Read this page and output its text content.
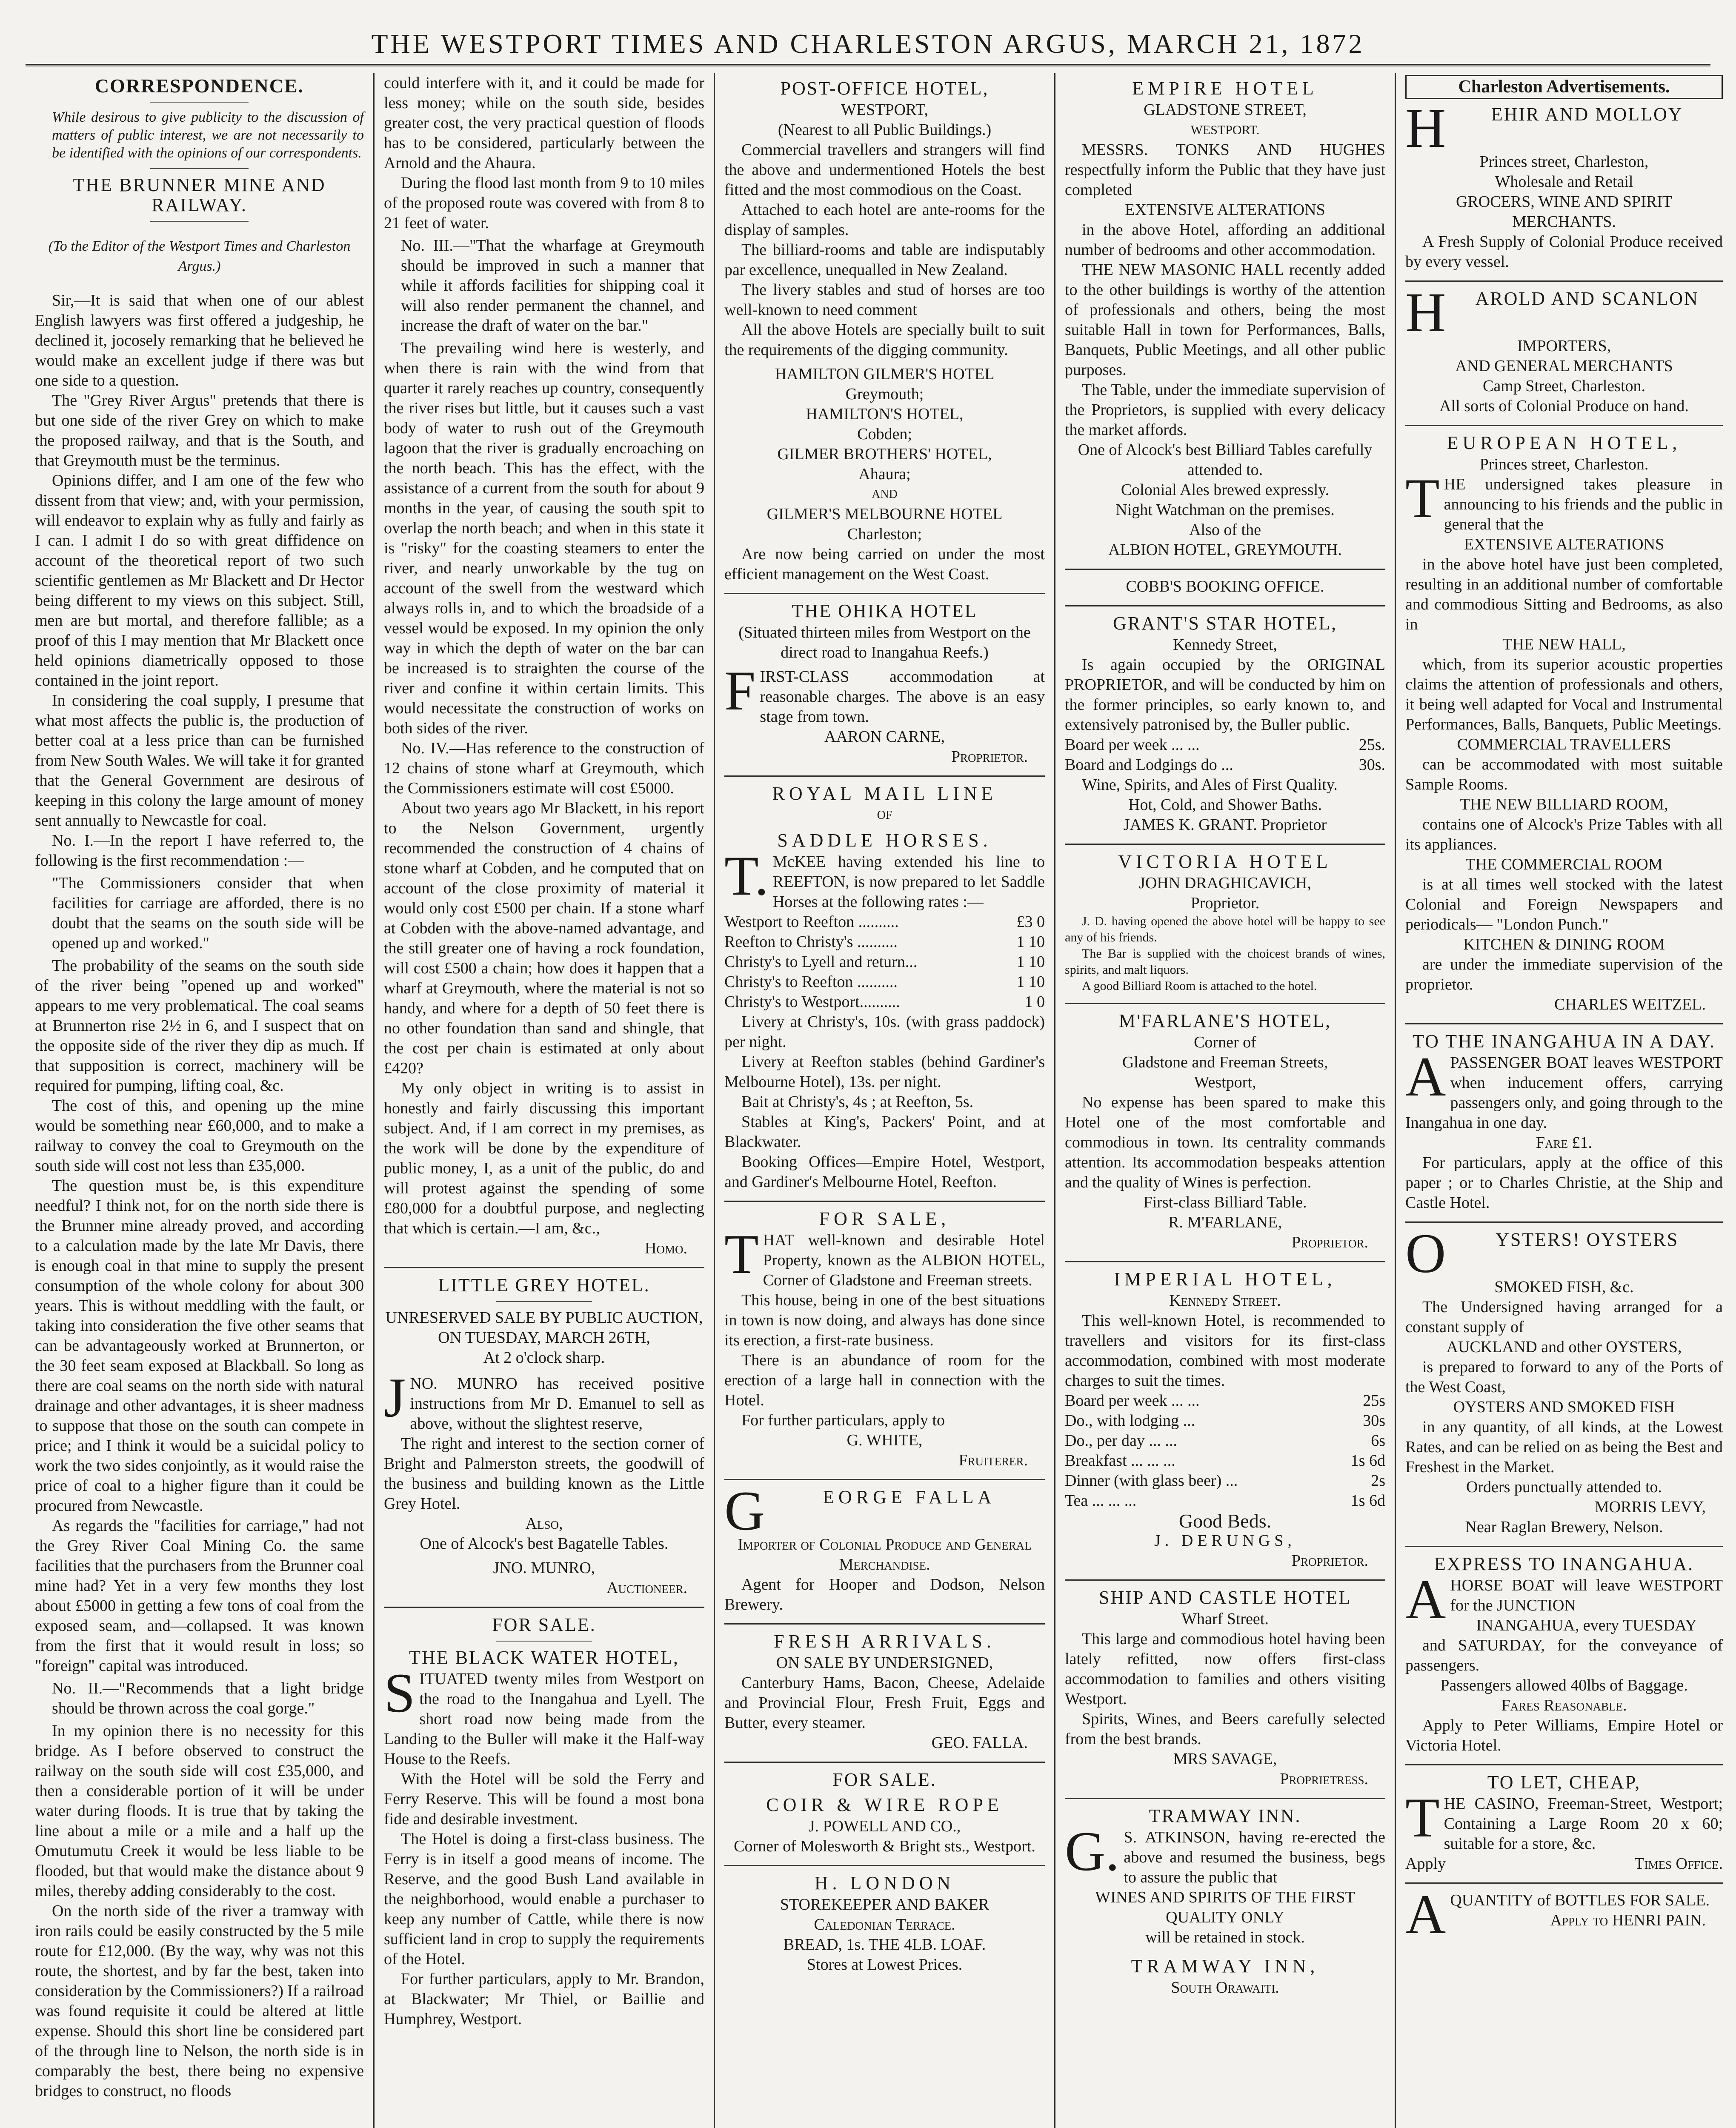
THE WESTPORT TIMES AND CHARLESTON ARGUS, MARCH 21, 1872
CORRESPONDENCE.

While desirous to give publicity to the discussion of matters of public interest, we are not necessarily to be identified with the opinions of our correspondents.

THE BRUNNER MINE AND RAILWAY.

(To the Editor of the Westport Times and Charleston Argus.)

Sir,—It is said that when one of our ablest English lawyers was first offered a judgeship, he declined it, jocosely remarking that he believed he would make an excellent judge if there was but one side to a question.

The "Grey River Argus" pretends that there is but one side of the river Grey on which to make the proposed railway, and that is the South, and that Greymouth must be the terminus.

Opinions differ, and I am one of the few who dissent from that view; and, with your permission, will endeavor to explain why as fully and fairly as I can. I admit I do so with great diffidence on account of the theoretical report of two such scientific gentlemen as Mr Blackett and Dr Hector being different to my views on this subject. Still, men are but mortal, and therefore fallible; as a proof of this I may mention that Mr Blackett once held opinions diametrically opposed to those contained in the joint report.

In considering the coal supply, I presume that what most affects the public is, the production of better coal at a less price than can be furnished from New South Wales. We will take it for granted that the General Government are desirous of keeping in this colony the large amount of money sent annually to Newcastle for coal.

No. I.—In the report I have referred to, the following is the first recommendation :—

"The Commissioners consider that when facilities for carriage are afforded, there is no doubt that the seams on the south side will be opened up and worked."

The probability of the seams on the south side of the river being "opened up and worked" appears to me very problematical. The coal seams at Brunnerton rise 2½ in 6, and I suspect that on the opposite side of the river they dip as much. If that supposition is correct, machinery will be required for pumping, lifting coal, &c.

The cost of this, and opening up the mine would be something near £60,000, and to make a railway to convey the coal to Greymouth on the south side will cost not less than £35,000.

The question must be, is this expenditure needful? I think not, for on the north side there is the Brunner mine already proved, and according to a calculation made by the late Mr Davis, there is enough coal in that mine to supply the present consumption of the whole colony for about 300 years. This is without meddling with the fault, or taking into consideration the five other seams that can be advantageously worked at Brunnerton, or the 30 feet seam exposed at Blackball. So long as there are coal seams on the north side with natural drainage and other advantages, it is sheer madness to suppose that those on the south can compete in price; and I think it would be a suicidal policy to work the two sides conjointly, as it would raise the price of coal to a higher figure than it could be procured from Newcastle.

As regards the "facilities for carriage," had not the Grey River Coal Mining Co. the same facilities that the purchasers from the Brunner coal mine had? Yet in a very few months they lost about £5000 in getting a few tons of coal from the exposed seam, and—collapsed. It was known from the first that it would result in loss; so "foreign" capital was introduced.

No. II.—"Recommends that a light bridge should be thrown across the coal gorge."

In my opinion there is no necessity for this bridge. As I before observed to construct the railway on the south side will cost £35,000, and then a considerable portion of it will be under water during floods. It is true that by taking the line about a mile or a mile and a half up the Omutumutu Creek it would be less liable to be flooded, but that would make the distance about 9 miles, thereby adding considerably to the cost.

On the north side of the river a tramway with iron rails could be easily constructed by the 5 mile route for £12,000. (By the way, why was not this route, the shortest, and by far the best, taken into consideration by the Commissioners?) If a railroad was found requisite it could be altered at little expense. Should this short line be considered part of the through line to Nelson, the north side is in comparably the best, there being no expensive bridges to construct, no floods

could interfere with it, and it could be made for less money; while on the south side, besides greater cost, the very practical question of floods has to be considered, particularly between the Arnold and the Ahaura.

During the flood last month from 9 to 10 miles of the proposed route was covered with from 8 to 21 feet of water.

No. III.—"That the wharfage at Greymouth should be improved in such a manner that while it affords facilities for shipping coal it will also render permanent the channel, and increase the draft of water on the bar."

The prevailing wind here is westerly, and when there is rain with the wind from that quarter it rarely reaches up country, consequently the river rises but little, but it causes such a vast body of water to rush out of the Greymouth lagoon that the river is gradually encroaching on the north beach. This has the effect, with the assistance of a current from the south for about 9 months in the year, of causing the south spit to overlap the north beach; and when in this state it is "risky" for the coasting steamers to enter the river, and nearly unworkable by the tug on account of the swell from the westward which always rolls in, and to which the broadside of a vessel would be exposed. In my opinion the only way in which the depth of water on the bar can be increased is to straighten the course of the river and confine it within certain limits. This would necessitate the construction of works on both sides of the river.

No. IV.—Has reference to the construction of 12 chains of stone wharf at Greymouth, which the Commissioners estimate will cost £5000.

About two years ago Mr Blackett, in his report to the Nelson Government, urgently recommended the construction of 4 chains of stone wharf at Cobden, and he computed that on account of the close proximity of material it would only cost £500 per chain. If a stone wharf at Cobden with the above-named advantage, and the still greater one of having a rock foundation, will cost £500 a chain; how does it happen that a wharf at Greymouth, where the material is not so handy, and where for a depth of 50 feet there is no other foundation than sand and shingle, that the cost per chain is estimated at only about £420?

My only object in writing is to assist in honestly and fairly discussing this important subject. And, if I am correct in my premises, as the work will be done by the expenditure of public money, I, as a unit of the public, do and will protest against the spending of some £80,000 for a doubtful purpose, and neglecting that which is certain.—I am, &c.,

Homo.
LITTLE GREY HOTEL.
UNRESERVED SALE BY PUBLIC AUCTION,
ON TUESDAY, MARCH 26TH,
At 2 o'clock sharp.

JNO. MUNRO has received positive instructions from Mr D. Emanuel to sell as above, without the slightest reserve,

The right and interest to the section corner of Bright and Palmerston streets, the goodwill of the business and building known as the Little Grey Hotel.

Also,
One of Alcock's best Bagatelle Tables.
JNO. MUNRO,
Auctioneer.
FOR SALE.
THE BLACK WATER HOTEL,

SITUATED twenty miles from Westport on the road to the Inangahua and Lyell. The short road now being made from the Landing to the Buller will make it the Half-way House to the Reefs.

With the Hotel will be sold the Ferry and Ferry Reserve. This will be found a most bona fide and desirable investment.

The Hotel is doing a first-class business. The Ferry is in itself a good means of income. The Reserve, and the good Bush Land available in the neighborhood, would enable a purchaser to keep any number of Cattle, while there is now sufficient land in crop to supply the requirements of the Hotel.

For further particulars, apply to Mr. Brandon, at Blackwater; Mr Thiel, or Baillie and Humphrey, Westport.

POST-OFFICE HOTEL,
WESTPORT,
(Nearest to all Public Buildings.)

Commercial travellers and strangers will find the above and undermentioned Hotels the best fitted and the most commodious on the Coast.

Attached to each hotel are ante-rooms for the display of samples.

The billiard-rooms and table are indisputably par excellence, unequalled in New Zealand.

The livery stables and stud of horses are too well-known to need comment

All the above Hotels are specially built to suit the requirements of the digging community.

HAMILTON GILMER'S HOTEL
Greymouth;
HAMILTON'S HOTEL,
Cobden;
GILMER BROTHERS' HOTEL,
Ahaura;
AND
GILMER'S MELBOURNE HOTEL
Charleston;

Are now being carried on under the most efficient management on the West Coast.

THE OHIKA HOTEL
(Situated thirteen miles from Westport on the direct road to Inangahua Reefs.)

FIRST-CLASS accommodation at reasonable charges. The above is an easy stage from town.

AARON CARNE,
Proprietor.
ROYAL MAIL LINE
OF
SADDLE HORSES.

T.McKEE having extended his line to REEFTON, is now prepared to let Saddle Horses at the following rates :—

Westport to Reefton ..........	£3 0
Reefton to Christy's ..........	1 10
Christy's to Lyell and return...	1 10
Christy's to Reefton ..........	1 10
Christy's to Westport..........	1 0

Livery at Christy's, 10s. (with grass paddock) per night.

Livery at Reefton stables (behind Gardiner's Melbourne Hotel), 13s. per night.

Bait at Christy's, 4s ; at Reefton, 5s.

Stables at King's, Packers' Point, and at Blackwater.

Booking Offices—Empire Hotel, Westport, and Gardiner's Melbourne Hotel, Reefton.

FOR SALE,

THAT well-known and desirable Hotel Property, known as the ALBION HOTEL, Corner of Gladstone and Freeman streets.

This house, being in one of the best situations in town is now doing, and always has done since its erection, a first-rate business.

There is an abundance of room for the erection of a large hall in connection with the Hotel.

For further particulars, apply to

G. WHITE,
Fruiterer.
GEORGE FALLA
Importer of Colonial Produce and General Merchandise.

Agent for Hooper and Dodson, Nelson Brewery.

FRESH ARRIVALS.
ON SALE BY UNDERSIGNED,

Canterbury Hams, Bacon, Cheese, Adelaide and Provincial Flour, Fresh Fruit, Eggs and Butter, every steamer.

GEO. FALLA.
FOR SALE.
COIR & WIRE ROPE
J. POWELL AND CO.,
Corner of Molesworth & Bright sts., Westport.
H. LONDON
STOREKEEPER AND BAKER
Caledonian Terrace.
BREAD, 1s. THE 4LB. LOAF.
Stores at Lowest Prices.
EMPIRE HOTEL
GLADSTONE STREET,
WESTPORT.

MESSRS. TONKS AND HUGHES respectfully inform the Public that they have just completed

EXTENSIVE ALTERATIONS

in the above Hotel, affording an additional number of bedrooms and other accommodation.

THE NEW MASONIC HALL recently added to the other buildings is worthy of the attention of professionals and others, being the most suitable Hall in town for Performances, Balls, Banquets, Public Meetings, and all other public purposes.

The Table, under the immediate supervision of the Proprietors, is supplied with every delicacy the market affords.

One of Alcock's best Billiard Tables carefully attended to.
Colonial Ales brewed expressly.
Night Watchman on the premises.
Also of the
ALBION HOTEL, GREYMOUTH.
COBB'S BOOKING OFFICE.
GRANT'S STAR HOTEL,
Kennedy Street,

Is again occupied by the ORIGINAL PROPRIETOR, and will be conducted by him on the former principles, so early known to, and extensively patronised by, the Buller public.

Board per week ... ...	25s.
Board and Lodgings do ...	30s.

Wine, Spirits, and Ales of First Quality.

Hot, Cold, and Shower Baths.
JAMES K. GRANT. Proprietor
VICTORIA HOTEL
JOHN DRAGHICAVICH,
Proprietor.

J. D. having opened the above hotel will be happy to see any of his friends.

The Bar is supplied with the choicest brands of wines, spirits, and malt liquors.

A good Billiard Room is attached to the hotel.

M'FARLANE'S HOTEL,
Corner of
Gladstone and Freeman Streets,
Westport,

No expense has been spared to make this Hotel one of the most comfortable and commodious in town. Its centrality commands attention. Its accommodation bespeaks attention and the quality of Wines is perfection.

First-class Billiard Table.
R. M'FARLANE,
Proprietor.
IMPERIAL HOTEL,
Kennedy Street.

This well-known Hotel, is recommended to travellers and visitors for its first-class accommodation, combined with most moderate charges to suit the times.

Board per week ... ...	25s
Do., with lodging ...	30s
Do., per day ... ...	6s
Breakfast ... ... ...	1s 6d
Dinner (with glass beer) ...	2s
Tea ... ... ...	1s 6d
Good Beds.
J. DERUNGS,
Proprietor.
SHIP AND CASTLE HOTEL
Wharf Street.

This large and commodious hotel having been lately refitted, now offers first-class accommodation to families and others visiting Westport.

Spirits, Wines, and Beers carefully selected from the best brands.

MRS SAVAGE,
Proprietress.
TRAMWAY INN.

G.S. ATKINSON, having re-erected the above and resumed the business, begs to assure the public that

WINES AND SPIRITS OF THE FIRST QUALITY ONLY
will be retained in stock.
TRAMWAY INN,
South Orawaiti.
Charleston Advertisements.
HEHIR AND MOLLOY
Princes street, Charleston,
Wholesale and Retail
GROCERS, WINE AND SPIRIT MERCHANTS.

A Fresh Supply of Colonial Produce received by every vessel.

HAROLD AND SCANLON
IMPORTERS,
AND GENERAL MERCHANTS
Camp Street, Charleston.
All sorts of Colonial Produce on hand.
EUROPEAN HOTEL,
Princes street, Charleston.

THE undersigned takes pleasure in announcing to his friends and the public in general that the

EXTENSIVE ALTERATIONS

in the above hotel have just been completed, resulting in an additional number of comfortable and commodious Sitting and Bedrooms, as also in

THE NEW HALL,

which, from its superior acoustic properties claims the attention of professionals and others, it being well adapted for Vocal and Instrumental Performances, Balls, Banquets, Public Meetings.

COMMERCIAL TRAVELLERS

can be accommodated with most suitable Sample Rooms.

THE NEW BILLIARD ROOM,

contains one of Alcock's Prize Tables with all its appliances.

THE COMMERCIAL ROOM

is at all times well stocked with the latest Colonial and Foreign Newspapers and periodicals— "London Punch."

KITCHEN & DINING ROOM

are under the immediate supervision of the proprietor.

CHARLES WEITZEL.
TO THE INANGAHUA IN A DAY.

APASSENGER BOAT leaves WESTPORT when inducement offers, carrying passengers only, and going through to the Inangahua in one day.

Fare £1.

For particulars, apply at the office of this paper ; or to Charles Christie, at the Ship and Castle Hotel.

OYSTERS! OYSTERS
SMOKED FISH, &c.

The Undersigned having arranged for a constant supply of

AUCKLAND and other OYSTERS,

is prepared to forward to any of the Ports of the West Coast,

OYSTERS AND SMOKED FISH

in any quantity, of all kinds, at the Lowest Rates, and can be relied on as being the Best and Freshest in the Market.

Orders punctually attended to.
MORRIS LEVY,
Near Raglan Brewery, Nelson.
EXPRESS TO INANGAHUA.

AHORSE BOAT will leave WESTPORT for the JUNCTION

INANGAHUA, every TUESDAY

and SATURDAY, for the conveyance of passengers.

Passengers allowed 40lbs of Baggage.
Fares Reasonable.

Apply to Peter Williams, Empire Hotel or Victoria Hotel.

TO LET, CHEAP,

THE CASINO, Freeman-Street, Westport; Containing a Large Room 20 x 60; suitable for a store, &c.

Apply	Times Office.

AQUANTITY of BOTTLES FOR SALE.

Apply to HENRI PAIN.
